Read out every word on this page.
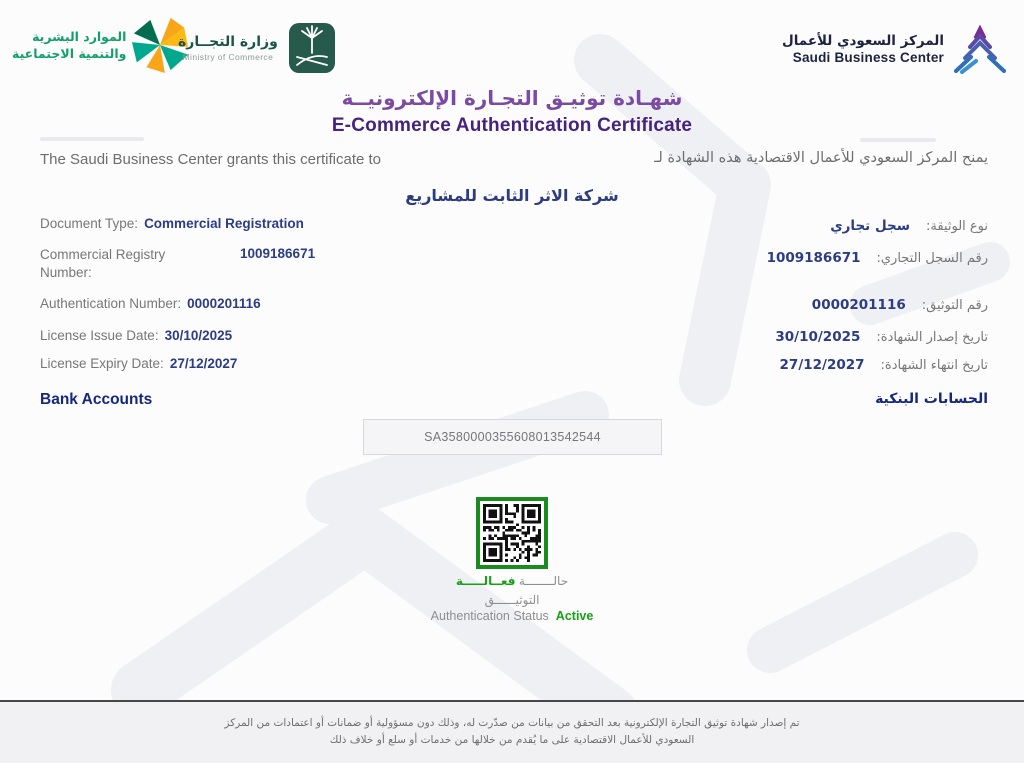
الموارد البشرية
والتنمية الاجتماعية
وزارة التجــارة
Ministry of Commerce
المركز السعودي للأعمال
Saudi Business Center
شهـادة توثيـق التجـارة الإلكترونيــة
E-Commerce Authentication Certificate
The Saudi Business Center grants this certificate to	يمنح المركز السعودي للأعمال الاقتصادية هذه الشهادة لـ
شركة الاثر الثابت للمشاريع
Document Type: Commercial Registration
Commercial Registry Number:1009186671
Authentication Number: 0000201116
License Issue Date: 30/10/2025
License Expiry Date: 27/12/2027
نوع الوثيقة:
سجل تجاري
رقم السجل التجاري:
1009186671
رقم التوثيق:
0000201116
تاريخ إصدار الشهادة:
30/10/2025
تاريخ انتهاء الشهادة:
27/12/2027
Bank Accounts	الحسابات البنكية
SA3580000355608013542544
حالــــــــة فعــالـــــة
التوثيــــــق
Authentication Status Active
تم إصدار شهادة توثيق التجارة الإلكترونية بعد التحقق من بيانات من صدّرت له، وذلك دون مسؤولية أو ضمانات أو اعتمادات من المركز
السعودي للأعمال الاقتصادية على ما يُقدم من خلالها من خدمات أو سلع أو خلاف ذلك
